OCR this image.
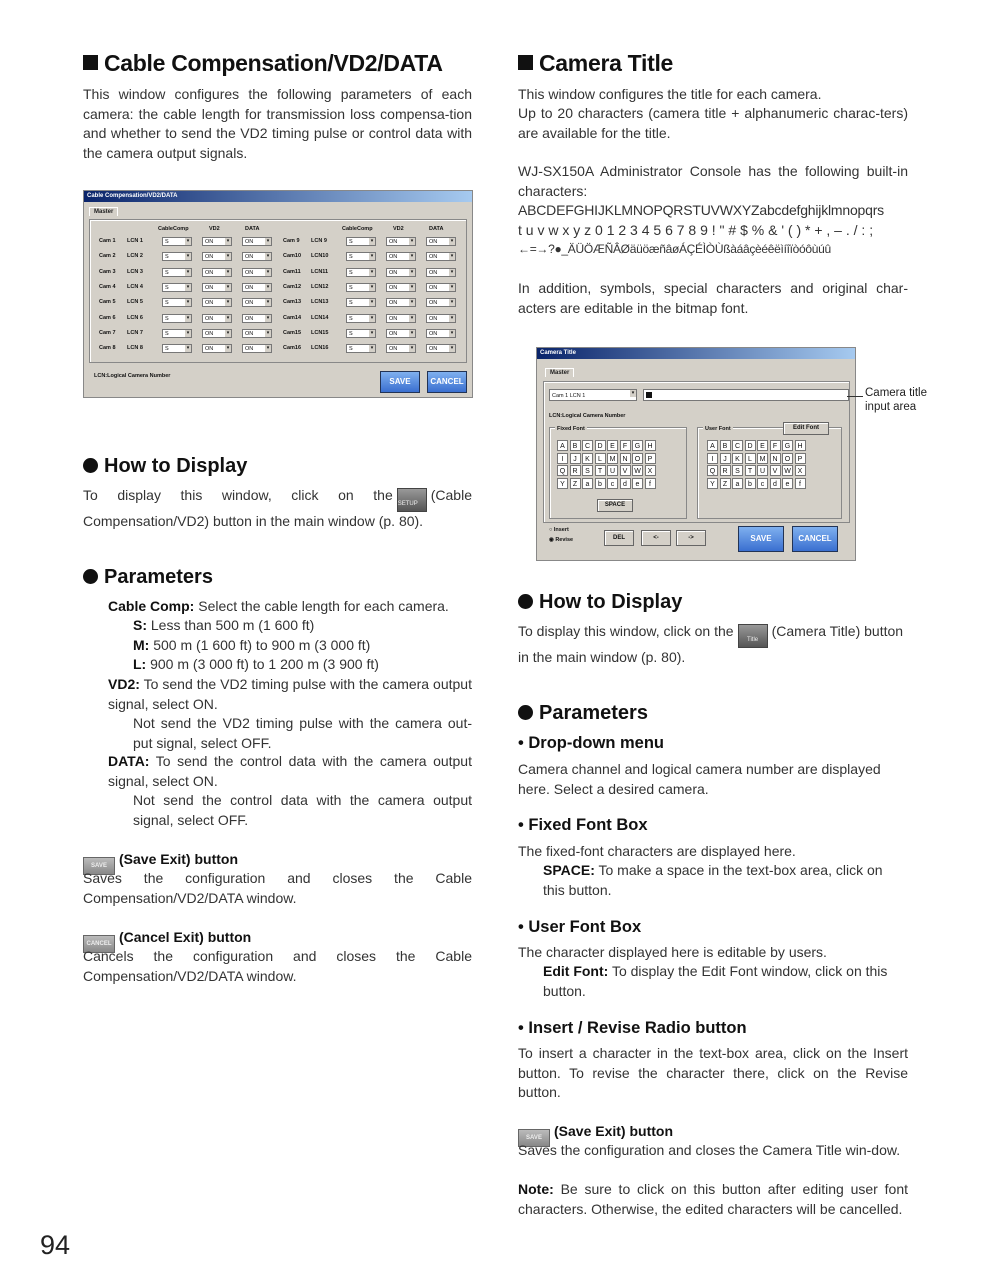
Cable Compensation/VD2/DATA

This window configures the following parameters of each camera: the cable length for transmission loss compensa-tion and whether to send the VD2 timing pulse or control data with the camera output signals.

Cable Compensation/VD2/DATA
Master
CableComp	VD2	DATA	CableComp	VD2	DATA
Cam 1 LCN 1	S ▾	ON ▾	ON ▾
Cam 2 LCN 2	S ▾	ON ▾	ON ▾
Cam 3 LCN 3	S ▾	ON ▾	ON ▾
Cam 4 LCN 4	S ▾	ON ▾	ON ▾
Cam 5 LCN 5	S ▾	ON ▾	ON ▾
Cam 6 LCN 6	S ▾	ON ▾	ON ▾
Cam 7 LCN 7	S ▾	ON ▾	ON ▾
Cam 8 LCN 8	S ▾	ON ▾	ON ▾
Cam 9 LCN 9	S ▾	ON ▾	ON ▾
Cam10 LCN10	S ▾	ON ▾	ON ▾
Cam11 LCN11	S ▾	ON ▾	ON ▾
Cam12 LCN12	S ▾	ON ▾	ON ▾
Cam13 LCN13	S ▾	ON ▾	ON ▾
Cam14 LCN14	S ▾	ON ▾	ON ▾
Cam15 LCN15	S ▾	ON ▾	ON ▾
Cam16 LCN16	S ▾	ON ▾	ON ▾
LCN:Logical Camera Number
SAVE	CANCEL
How to Display

To display this window, click on theSETUP(Cable
Compensation/VD2) button in the main window (p. 80).

Parameters

Cable Comp: Select the cable length for each camera.

S: Less than 500 m (1 600 ft)

M: 500 m (1 600 ft) to 900 m (3 000 ft)

L: 900 m (3 000 ft) to 1 200 m (3 900 ft)

VD2: To send the VD2 timing pulse with the camera output signal, select ON.

Not send the VD2 timing pulse with the camera out-put signal, select OFF.

DATA: To send the control data with the camera output signal, select ON.

Not send the control data with the camera output signal, select OFF.

SAVE (Save Exit) button

Saves the configuration and closes the Cable Compensation/VD2/DATA window.

CANCEL (Cancel Exit) button

Cancels the configuration and closes the Cable Compensation/VD2/DATA window.

94
Camera Title

This window configures the title for each camera.

Up to 20 characters (camera title + alphanumeric charac-ters) are available for the title.

WJ-SX150A Administrator Console has the following built-in characters:

ABCDEFGHIJKLMNOPQRSTUVWXYZabcdefghijklmnopqrs

t u v w x y z 0 1 2 3 4 5 6 7 8 9 ! " # $ % & ' ( ) * + , – . / : ;

←=→?●_ÄÜÖÆÑÂØäüöæñâøÁÇÉÌÒÙßàáâçèéêëìíîïòóôùúû

In addition, symbols, special characters and original char-acters are editable in the bitmap font.

Camera Title
Master
Cam 1 LCN 1 ▾
LCN:Logical Camera Number
Fixed Font
A	B	C	D	E	F	G	H
I	J	K	L	M	N	O	P
Q	R	S	T	U	V W X
Y	Z	a	b	c	d	e	f
SPACE
User Font	Edit Font
A	B	C	D	E	F	G	H
I	J	K	L	M	N	O	P
Q	R	S	T	U	V W X
Y	Z	a	b	c	d	e	f
○ Insert
◉ Revise	DEL	<-	->	SAVE	CANCEL
Camera title input area
How to Display

To display this window, click on theTitle(Camera Title) button in the main window (p. 80).

Parameters
• Drop-down menu

Camera channel and logical camera number are displayed here. Select a desired camera.

• Fixed Font Box

The fixed-font characters are displayed here.

SPACE: To make a space in the text-box area, click on this button.

• User Font Box

The character displayed here is editable by users.

Edit Font: To display the Edit Font window, click on this button.

• Insert / Revise Radio button

To insert a character in the text-box area, click on the Insert button. To revise the character there, click on the Revise button.

SAVE (Save Exit) button

Saves the configuration and closes the Camera Title win-dow.

Note: Be sure to click on this button after editing user font characters. Otherwise, the edited characters will be cancelled.
